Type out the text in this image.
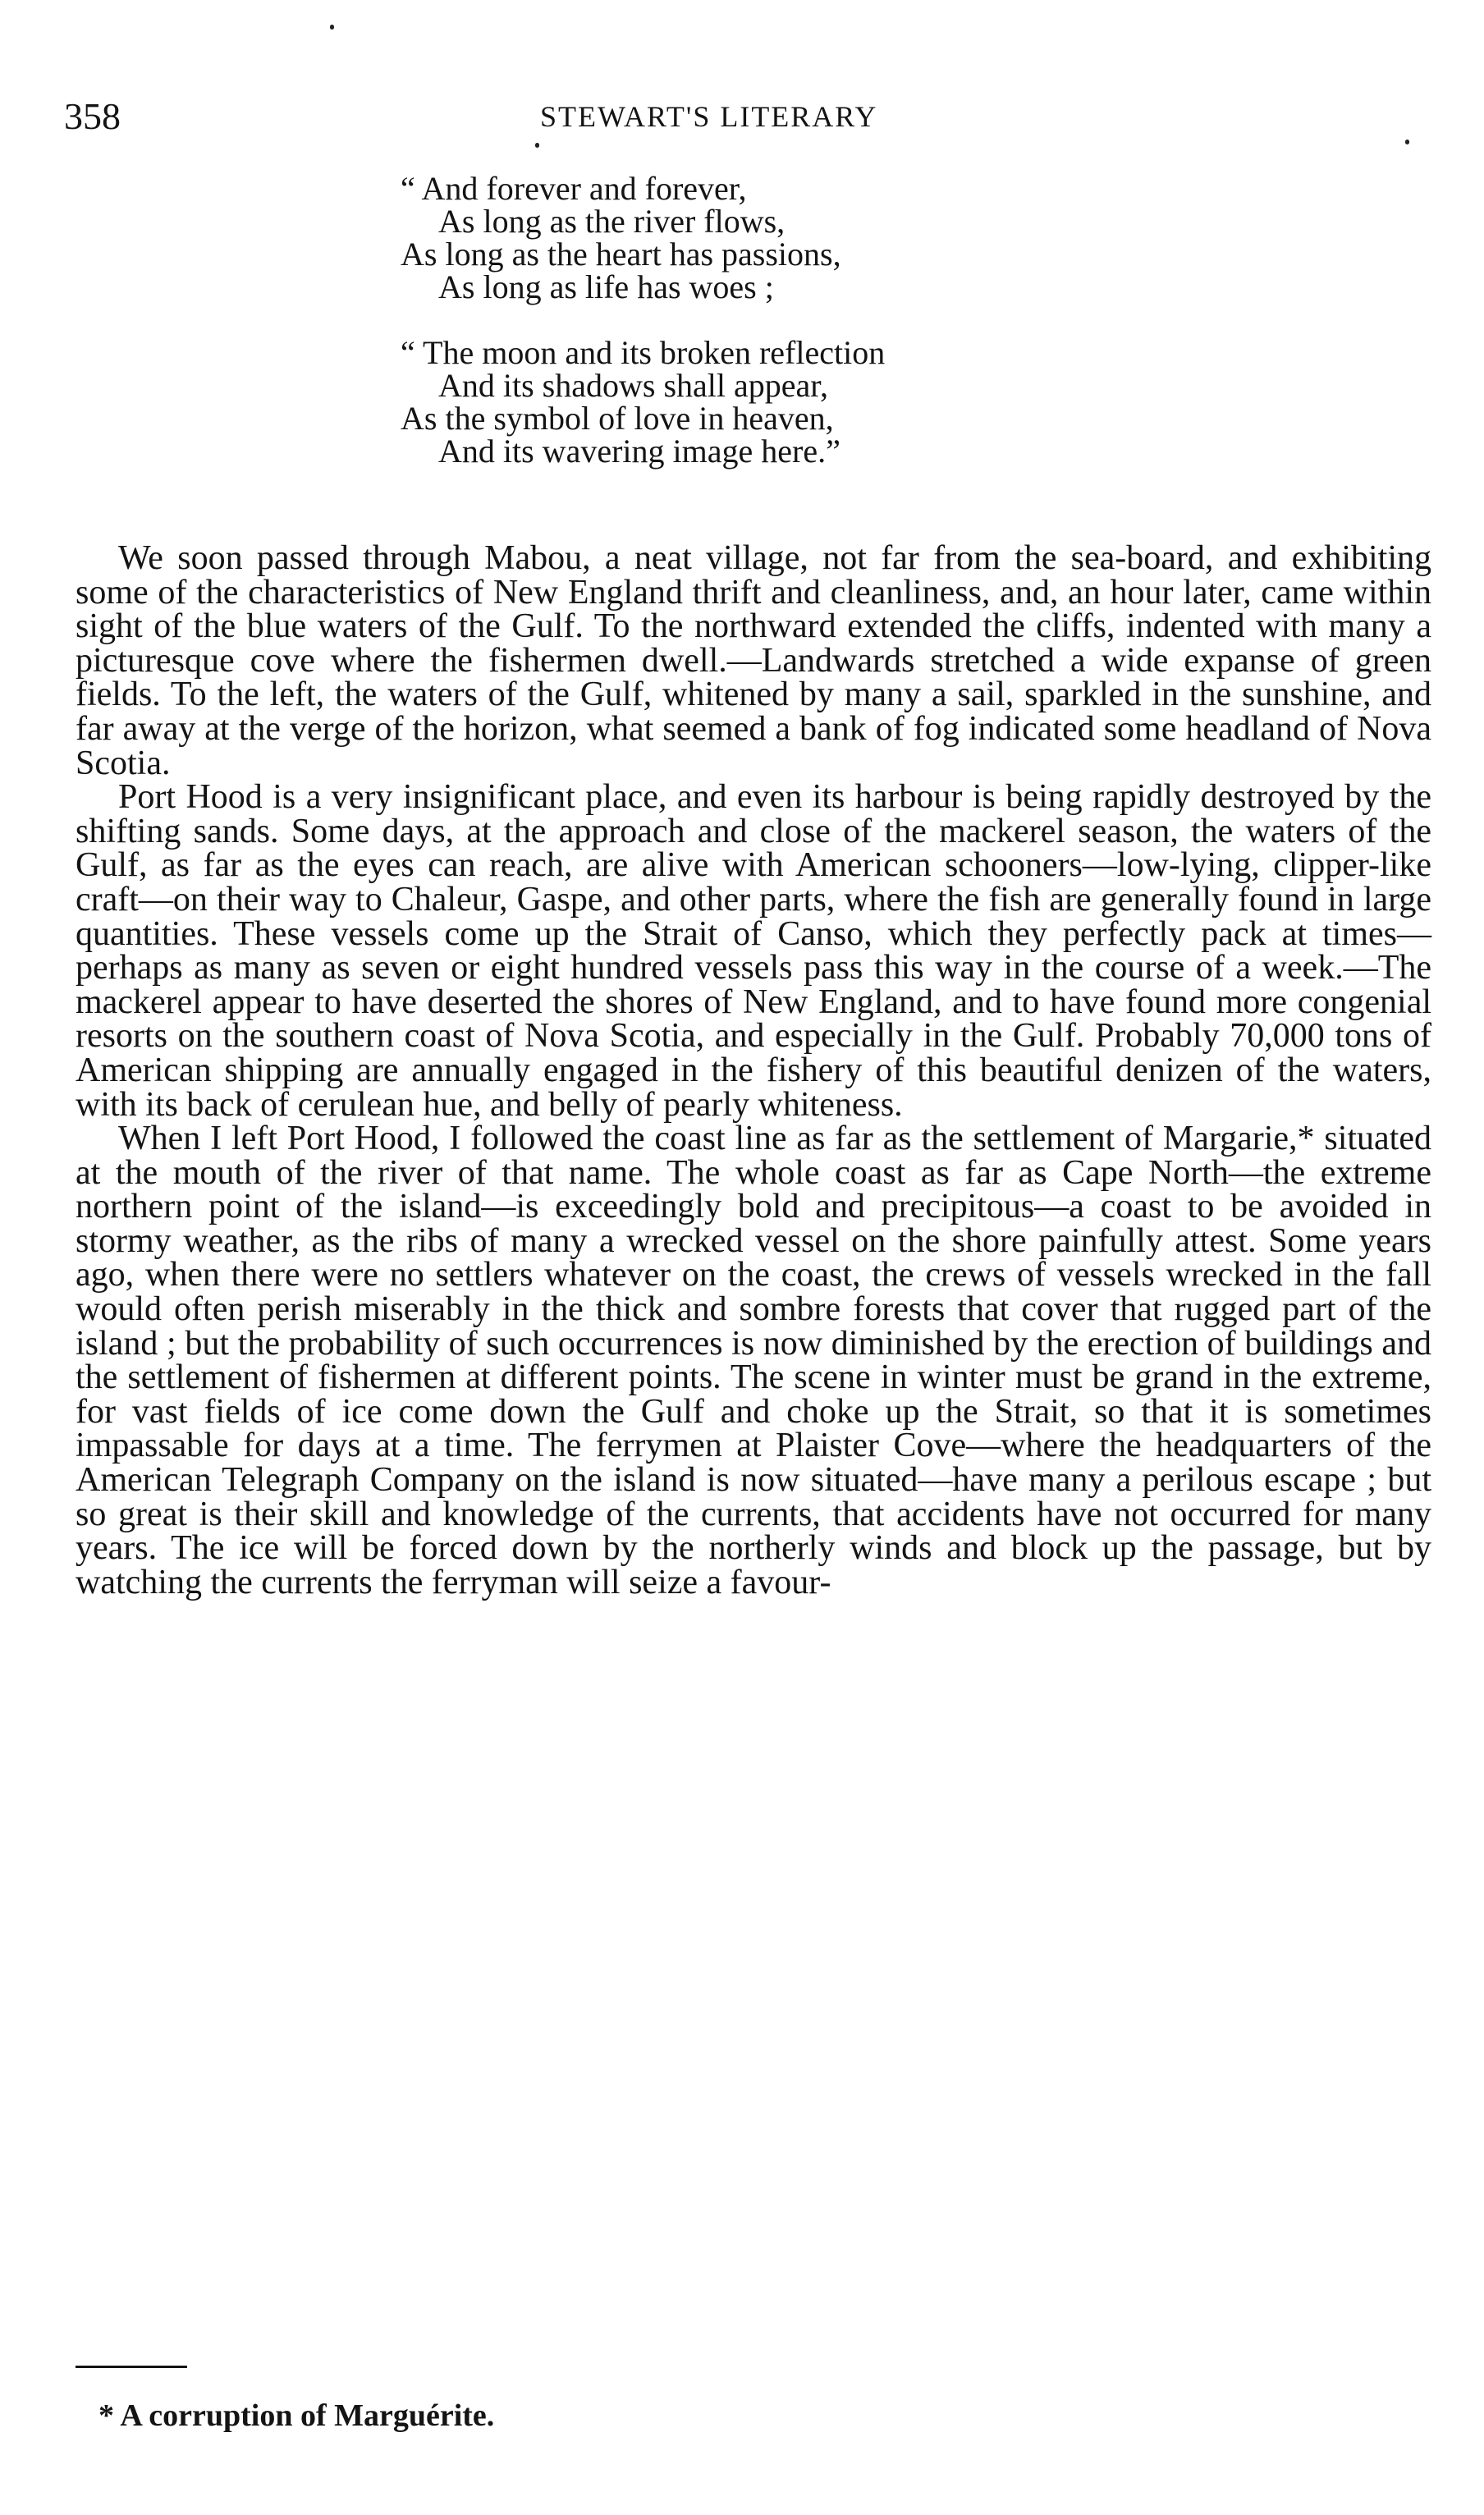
358	STEWART'S LITERARY
“ And forever and forever,
As long as the river flows,
As long as the heart has passions,
As long as life has woes ;
“ The moon and its broken reflection
And its shadows shall appear,
As the symbol of love in heaven,
And its wavering image here.”

We soon passed through Mabou, a neat village, not far from the sea-board, and exhibiting some of the characteristics of New England thrift and cleanliness, and, an hour later, came within sight of the blue waters of the Gulf. To the northward extended the cliffs, indented with many a picturesque cove where the fishermen dwell.—Landwards stretched a wide expanse of green fields. To the left, the waters of the Gulf, whitened by many a sail, sparkled in the sunshine, and far away at the verge of the horizon, what seemed a bank of fog indicated some headland of Nova Scotia.

Port Hood is a very insignificant place, and even its harbour is being rapidly destroyed by the shifting sands. Some days, at the approach and close of the mackerel season, the waters of the Gulf, as far as the eyes can reach, are alive with American schooners—low-lying, clipper-like craft—on their way to Chaleur, Gaspe, and other parts, where the fish are generally found in large quantities. These vessels come up the Strait of Canso, which they perfectly pack at times—perhaps as many as seven or eight hundred vessels pass this way in the course of a week.—The mackerel appear to have deserted the shores of New England, and to have found more congenial resorts on the southern coast of Nova Scotia, and especially in the Gulf. Probably 70,000 tons of American shipping are annually engaged in the fishery of this beautiful denizen of the waters, with its back of cerulean hue, and belly of pearly whiteness.

When I left Port Hood, I followed the coast line as far as the settlement of Margarie,* situated at the mouth of the river of that name. The whole coast as far as Cape North—the extreme northern point of the island—is exceedingly bold and precipitous—a coast to be avoided in stormy weather, as the ribs of many a wrecked vessel on the shore painfully attest. Some years ago, when there were no settlers whatever on the coast, the crews of vessels wrecked in the fall would often perish miserably in the thick and sombre forests that cover that rugged part of the island ; but the probability of such occurrences is now diminished by the erection of buildings and the settlement of fishermen at different points. The scene in winter must be grand in the extreme, for vast fields of ice come down the Gulf and choke up the Strait, so that it is sometimes impassable for days at a time. The ferrymen at Plaister Cove—where the headquarters of the American Telegraph Company on the island is now situated—have many a perilous escape ; but so great is their skill and knowledge of the currents, that accidents have not occurred for many years. The ice will be forced down by the northerly winds and block up the passage, but by watching the currents the ferryman will seize a favour-

* A corruption of Marguérite.
